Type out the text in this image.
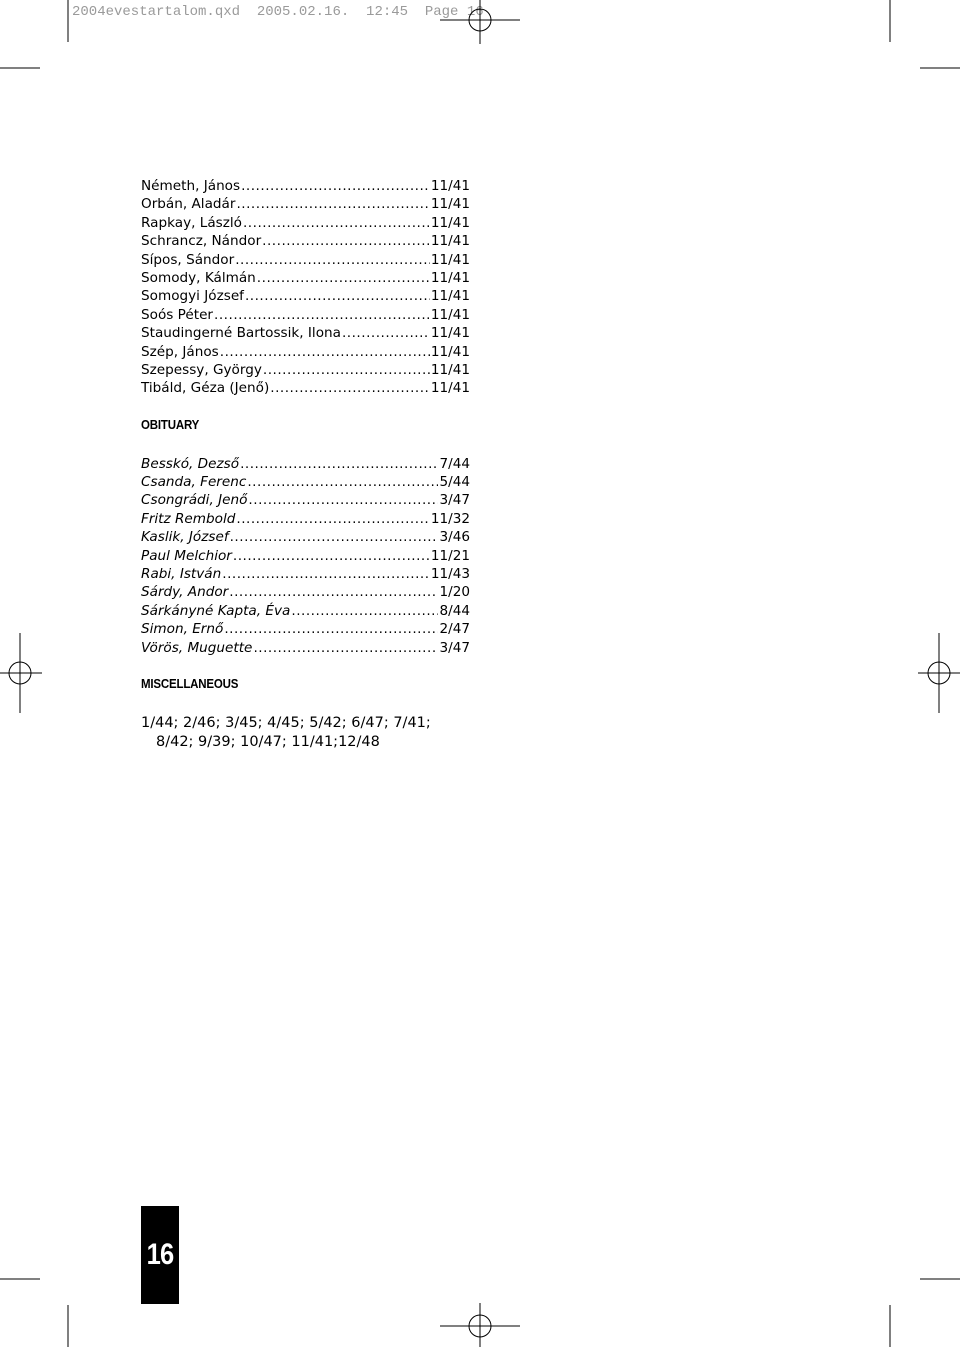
2004evestartalom.qxd  2005.02.16.  12:45  Page 16
Németh, János .....	11/41
Orbán, Aladár .....	11/41
Rapkay, László .....	11/41
Schrancz, Nándor .....	11/41
Sípos, Sándor .....	11/41
Somody, Kálmán .....	11/41
Somogyi József .....	11/41
Soós Péter .....	11/41
Staudingerné Bartossik, Ilona .....	11/41
Szép, János .....	11/41
Szepessy, György .....	11/41
Tibáld, Géza (Jenő) .....	11/41
OBITUARY
Besskó, Dezső .....	7/44
Csanda, Ferenc .....	5/44
Csongrádi, Jenő .....	3/47
Fritz Rembold .....	11/32
Kaslik, József .....	3/46
Paul Melchior .....	11/21
Rabi, István .....	11/43
Sárdy, Andor .....	1/20
Sárkányné Kapta, Éva .....	8/44
Simon, Ernő .....	2/47
Vörös, Muguette .....	3/47
MISCELLANEOUS

1/44; 2/46; 3/45; 4/45; 5/42; 6/47; 7/41;
8/42; 9/39; 10/47; 11/41;12/48

16
